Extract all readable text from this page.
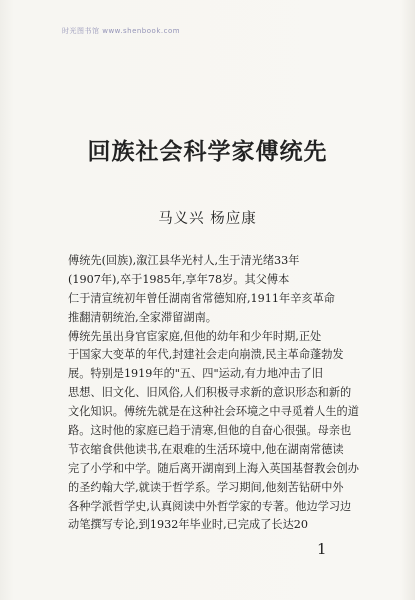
时光图书馆 www.shenbook.com
回族社会科学家傅统先
马义兴 杨应康
傅统先(回族),溆江县华光村人,生于清光绪33年
(1907年),卒于1985年,享年78岁。其父傅本
仁于清宣统初年曾任湖南省常德知府,1911年辛亥革命
推翻清朝统治,全家滞留湖南。
傅统先虽出身官宦家庭,但他的幼年和少年时期,正处
于国家大变革的年代,封建社会走向崩溃,民主革命蓬勃发
展。特别是1919年的"五、四"运动,有力地冲击了旧
思想、旧文化、旧风俗,人们积极寻求新的意识形态和新的
文化知识。傅统先就是在这种社会环境之中寻觅着人生的道
路。这时他的家庭已趋于清寒,但他的自奋心很强。母亲也
节衣缩食供他读书,在艰难的生活环境中,他在湖南常德读
完了小学和中学。随后离开湖南到上海入英国基督教会创办
的圣约翰大学,就读于哲学系。学习期间,他刻苦钻研中外
各种学派哲学史,认真阅读中外哲学家的专著。他边学习边
动笔撰写专论,到1932年毕业时,已完成了长达20
1
